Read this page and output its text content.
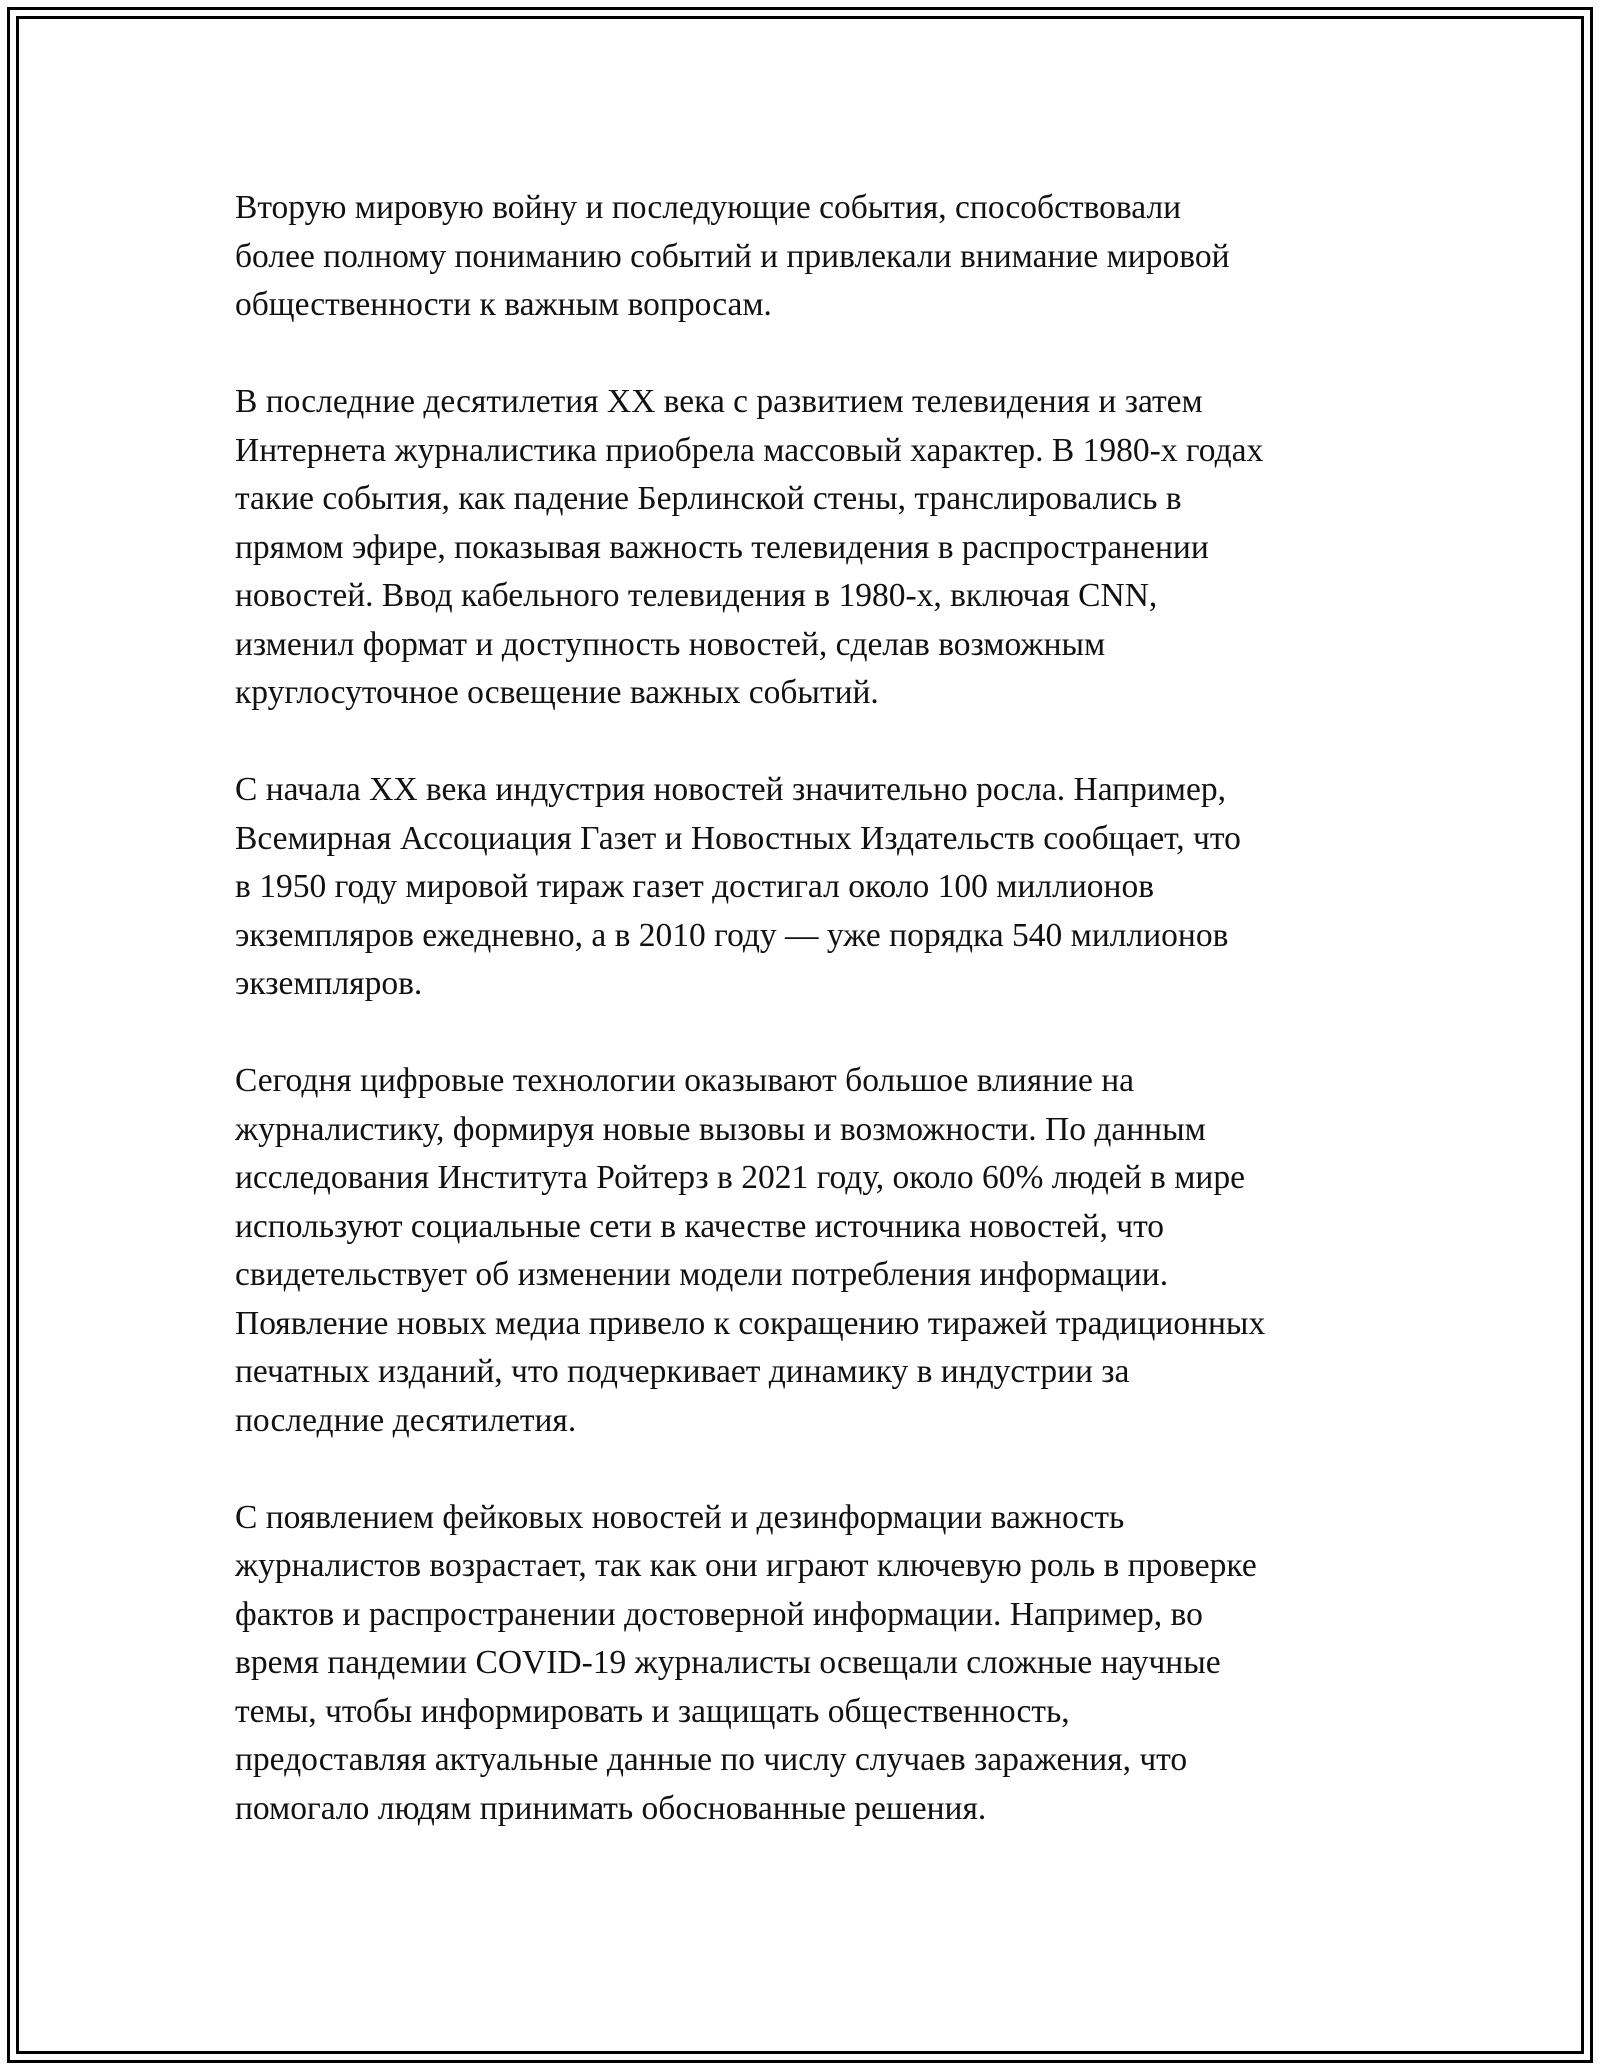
Вторую мировую войну и последующие события, способствовали
более полному пониманию событий и привлекали внимание мировой
общественности к важным вопросам.

В последние десятилетия XX века с развитием телевидения и затем
Интернета журналистика приобрела массовый характер. В 1980-х годах
такие события, как падение Берлинской стены, транслировались в
прямом эфире, показывая важность телевидения в распространении
новостей. Ввод кабельного телевидения в 1980-х, включая CNN,
изменил формат и доступность новостей, сделав возможным
круглосуточное освещение важных событий.

С начала XX века индустрия новостей значительно росла. Например,
Всемирная Ассоциация Газет и Новостных Издательств сообщает, что
в 1950 году мировой тираж газет достигал около 100 миллионов
экземпляров ежедневно, а в 2010 году — уже порядка 540 миллионов
экземпляров.

Сегодня цифровые технологии оказывают большое влияние на
журналистику, формируя новые вызовы и возможности. По данным
исследования Института Ройтерз в 2021 году, около 60% людей в мире
используют социальные сети в качестве источника новостей, что
свидетельствует об изменении модели потребления информации.
Появление новых медиа привело к сокращению тиражей традиционных
печатных изданий, что подчеркивает динамику в индустрии за
последние десятилетия.

С появлением фейковых новостей и дезинформации важность
журналистов возрастает, так как они играют ключевую роль в проверке
фактов и распространении достоверной информации. Например, во
время пандемии COVID-19 журналисты освещали сложные научные
темы, чтобы информировать и защищать общественность,
предоставляя актуальные данные по числу случаев заражения, что
помогало людям принимать обоснованные решения.
